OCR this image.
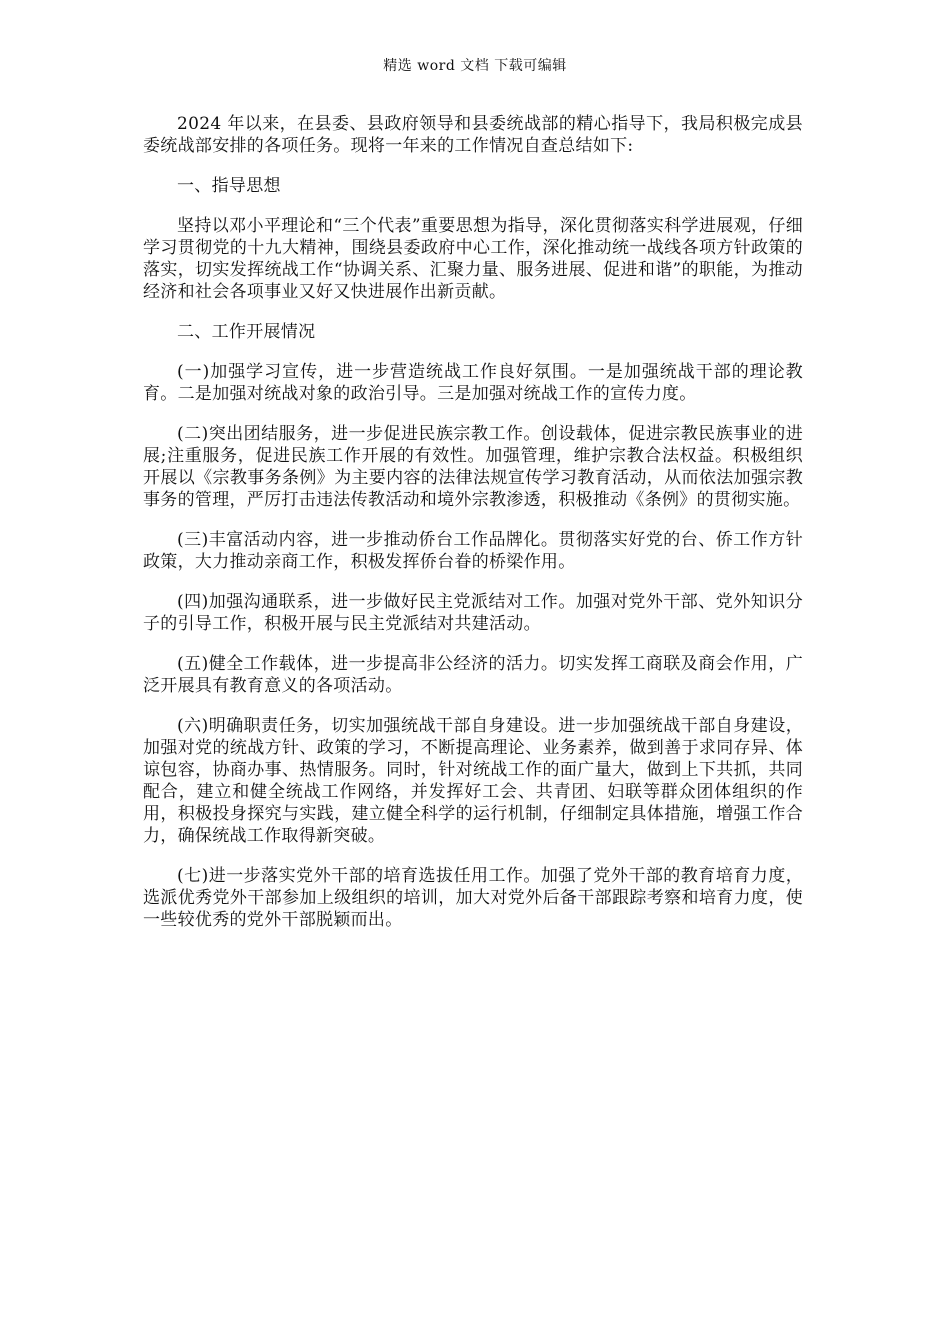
精选 word 文档 下载可编辑

2024 年以来，在县委、县政府领导和县委统战部的精心指导下，我局积极完成县委统战部安排的各项任务。现将一年来的工作情况自查总结如下:

一、指导思想

坚持以邓小平理论和“三个代表”重要思想为指导，深化贯彻落实科学进展观，仔细学习贯彻党的十九大精神，围绕县委政府中心工作，深化推动统一战线各项方针政策的落实，切实发挥统战工作“协调关系、汇聚力量、服务进展、促进和谐”的职能，为推动经济和社会各项事业又好又快进展作出新贡献。

二、工作开展情况

(一)加强学习宣传，进一步营造统战工作良好氛围。一是加强统战干部的理论教育。二是加强对统战对象的政治引导。三是加强对统战工作的宣传力度。

(二)突出团结服务，进一步促进民族宗教工作。创设载体，促进宗教民族事业的进展;注重服务，促进民族工作开展的有效性。加强管理，维护宗教合法权益。积极组织开展以《宗教事务条例》为主要内容的法律法规宣传学习教育活动，从而依法加强宗教事务的管理，严厉打击违法传教活动和境外宗教渗透，积极推动《条例》的贯彻实施。

(三)丰富活动内容，进一步推动侨台工作品牌化。贯彻落实好党的台、侨工作方针政策，大力推动亲商工作，积极发挥侨台眷的桥梁作用。

(四)加强沟通联系，进一步做好民主党派结对工作。加强对党外干部、党外知识分子的引导工作，积极开展与民主党派结对共建活动。

(五)健全工作载体，进一步提高非公经济的活力。切实发挥工商联及商会作用，广泛开展具有教育意义的各项活动。

(六)明确职责任务，切实加强统战干部自身建设。进一步加强统战干部自身建设，加强对党的统战方针、政策的学习，不断提高理论、业务素养，做到善于求同存异、体谅包容，协商办事、热情服务。同时，针对统战工作的面广量大，做到上下共抓，共同配合，建立和健全统战工作网络，并发挥好工会、共青团、妇联等群众团体组织的作用，积极投身探究与实践，建立健全科学的运行机制，仔细制定具体措施，增强工作合力，确保统战工作取得新突破。

(七)进一步落实党外干部的培育选拔任用工作。加强了党外干部的教育培育力度，选派优秀党外干部参加上级组织的培训，加大对党外后备干部跟踪考察和培育力度，使一些较优秀的党外干部脱颖而出。
